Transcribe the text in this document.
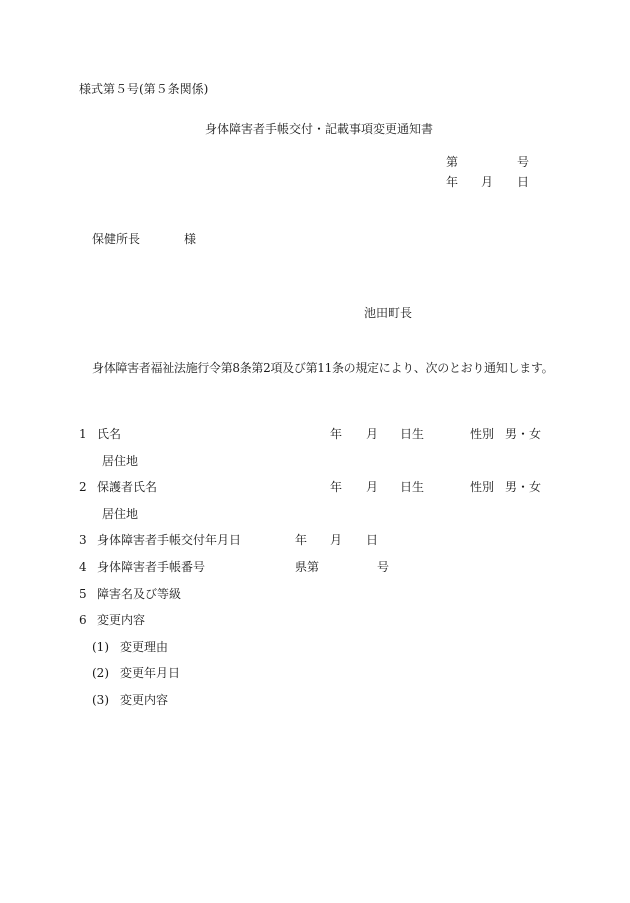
様式第５号(第５条関係)
身体障害者手帳交付・記載事項変更通知書
第	号
年 月 日
保健所長	様
池田町長
身体障害者福祉法施行令第8条第2項及び第11条の規定により、次のとおり通知します。
1 氏名	年 月 日生	性別 男・女
居住地
2 保護者氏名	年 月 日生	性別 男・女
居住地
3 身体障害者手帳交付年月日	年 月 日
4 身体障害者手帳番号	県第	号
5 障害名及び等級
6 変更内容
(1) 変更理由
(2) 変更年月日
(3) 変更内容
